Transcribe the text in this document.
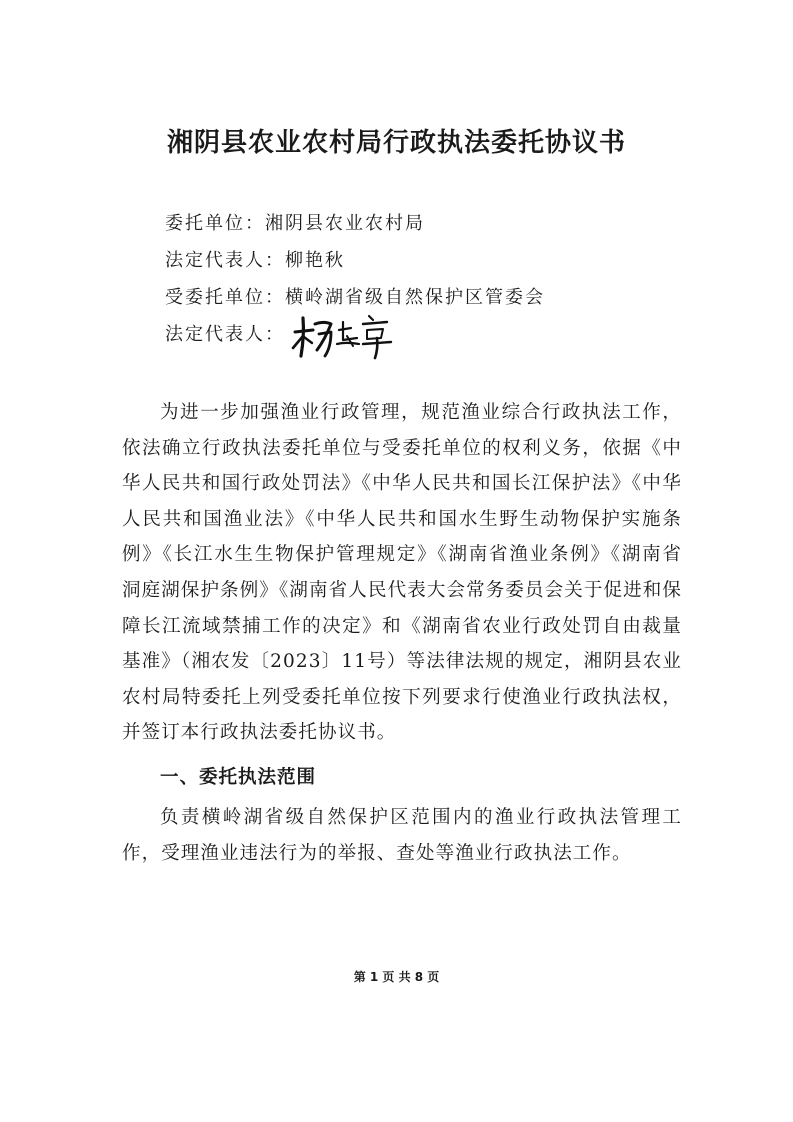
湘阴县农业农村局行政执法委托协议书
委托单位： 湘阴县农业农村局
法定代表人： 柳艳秋
受委托单位： 横岭湖省级自然保护区管委会
法定代表人：
为进一步加强渔业行政管理，规范渔业综合行政执法工作，依法确立行政执法委托单位与受委托单位的权利义务，依据《中华人民共和国行政处罚法》《中华人民共和国长江保护法》《中华人民共和国渔业法》《中华人民共和国水生野生动物保护实施条例》《长江水生生物保护管理规定》《湖南省渔业条例》《湖南省洞庭湖保护条例》《湖南省人民代表大会常务委员会关于促进和保障长江流域禁捕工作的决定》和《湖南省农业行政处罚自由裁量基准》（湘农发〔2023〕11号）等法律法规的规定，湘阴县农业农村局特委托上列受委托单位按下列要求行使渔业行政执法权，并签订本行政执法委托协议书。
一、委托执法范围
负责横岭湖省级自然保护区范围内的渔业行政执法管理工作，受理渔业违法行为的举报、查处等渔业行政执法工作。
第 1 页 共 8 页
